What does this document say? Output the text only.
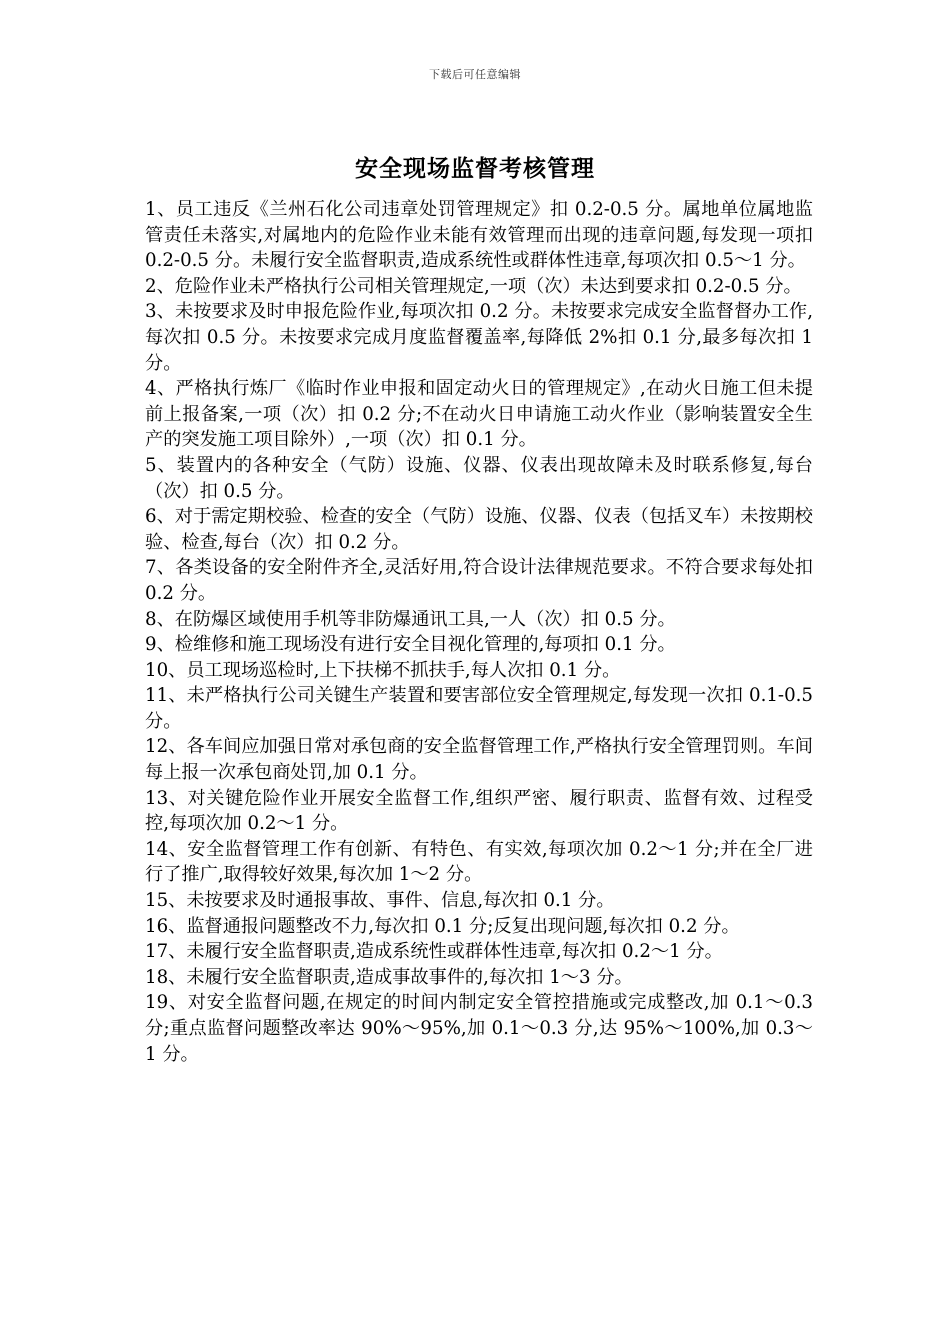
下载后可任意编辑
安全现场监督考核管理

1、员工违反《兰州石化公司违章处罚管理规定》扣 0.2-0.5 分。属地单位属地监管责任未落实,对属地内的危险作业未能有效管理而出现的违章问题,每发现一项扣 0.2-0.5 分。未履行安全监督职责,造成系统性或群体性违章,每项次扣 0.5～1 分。

2、危险作业未严格执行公司相关管理规定,一项（次）未达到要求扣 0.2-0.5 分。

3、未按要求及时申报危险作业,每项次扣 0.2 分。未按要求完成安全监督督办工作,每次扣 0.5 分。未按要求完成月度监督覆盖率,每降低 2%扣 0.1 分,最多每次扣 1 分。

4、严格执行炼厂《临时作业申报和固定动火日的管理规定》,在动火日施工但未提前上报备案,一项（次）扣 0.2 分;不在动火日申请施工动火作业（影响装置安全生产的突发施工项目除外）,一项（次）扣 0.1 分。

5、装置内的各种安全（气防）设施、仪器、仪表出现故障未及时联系修复,每台（次）扣 0.5 分。

6、对于需定期校验、检查的安全（气防）设施、仪器、仪表（包括叉车）未按期校验、检查,每台（次）扣 0.2 分。

7、各类设备的安全附件齐全,灵活好用,符合设计法律规范要求。不符合要求每处扣 0.2 分。

8、在防爆区域使用手机等非防爆通讯工具,一人（次）扣 0.5 分。

9、检维修和施工现场没有进行安全目视化管理的,每项扣 0.1 分。

10、员工现场巡检时,上下扶梯不抓扶手,每人次扣 0.1 分。

11、未严格执行公司关键生产装置和要害部位安全管理规定,每发现一次扣 0.1-0.5 分。

12、各车间应加强日常对承包商的安全监督管理工作,严格执行安全管理罚则。车间每上报一次承包商处罚,加 0.1 分。

13、对关键危险作业开展安全监督工作,组织严密、履行职责、监督有效、过程受控,每项次加 0.2～1 分。

14、安全监督管理工作有创新、有特色、有实效,每项次加 0.2～1 分;并在全厂进行了推广,取得较好效果,每次加 1～2 分。

15、未按要求及时通报事故、事件、信息,每次扣 0.1 分。

16、监督通报问题整改不力,每次扣 0.1 分;反复出现问题,每次扣 0.2 分。

17、未履行安全监督职责,造成系统性或群体性违章,每次扣 0.2～1 分。

18、未履行安全监督职责,造成事故事件的,每次扣 1～3 分。

19、对安全监督问题,在规定的时间内制定安全管控措施或完成整改,加 0.1～0.3 分;重点监督问题整改率达 90%～95%,加 0.1～0.3 分,达 95%～100%,加 0.3～1 分。
